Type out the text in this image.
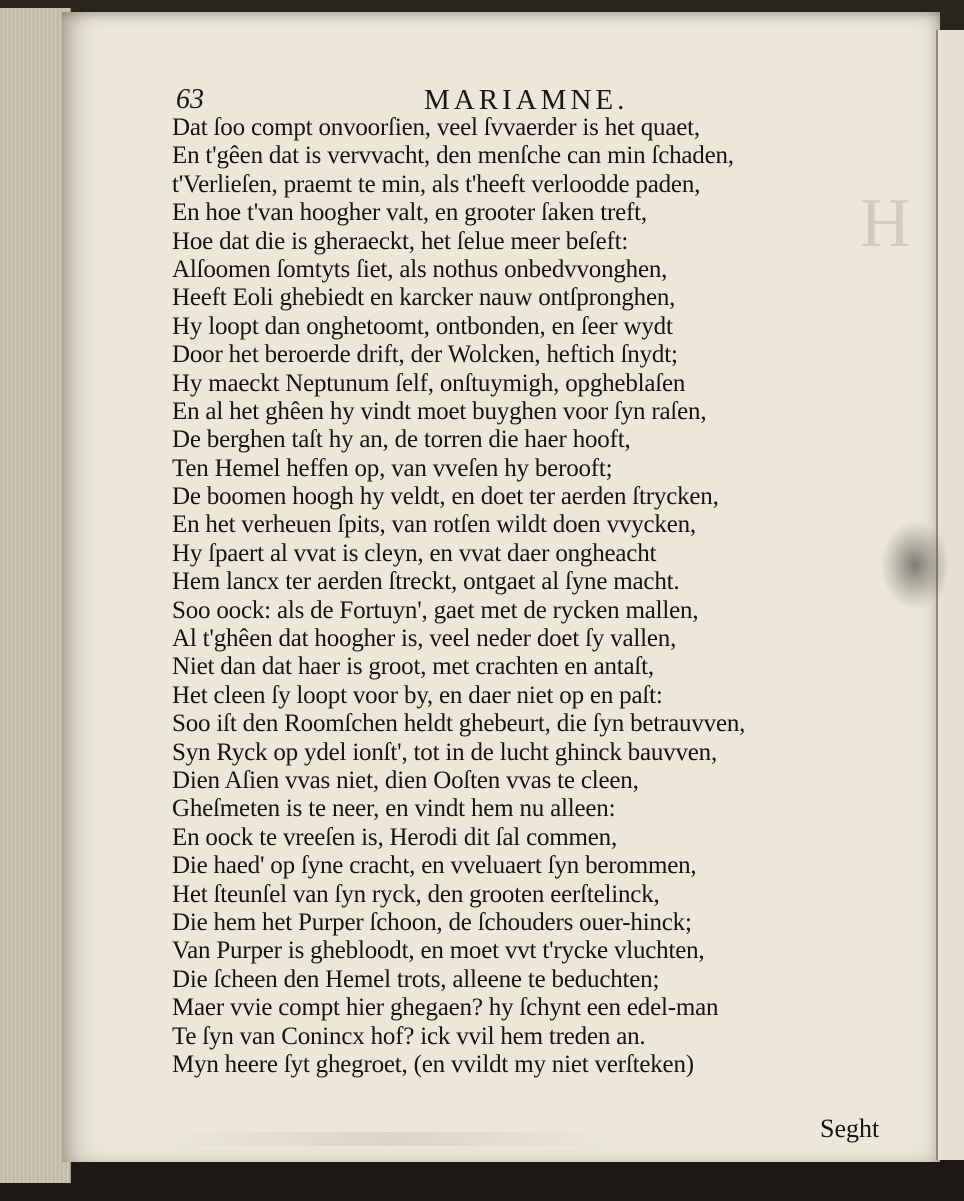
H
63	MARIAMNE.
Dat ſoo compt onvoorſien, veel ſvvaerder is het quaet,
En t'gêen dat is vervvacht, den menſche can min ſchaden,
t'Verlieſen, praemt te min, als t'heeft verloodde paden,
En hoe t'van hoogher valt, en grooter ſaken treft,
Hoe dat die is gheraeckt, het ſelue meer beſeft:
Alſoomen ſomtyts ſiet, als nothus onbedvvonghen,
Heeft Eoli ghebiedt en karcker nauw ontſpronghen,
Hy loopt dan onghetoomt, ontbonden, en ſeer wydt
Door het beroerde drift, der Wolcken, heftich ſnydt;
Hy maeckt Neptunum ſelf, onſtuymigh, opgheblaſen
En al het ghêen hy vindt moet buyghen voor ſyn raſen,
De berghen taſt hy an, de torren die haer hooft,
Ten Hemel heffen op, van vveſen hy berooft;
De boomen hoogh hy veldt, en doet ter aerden ſtrycken,
En het verheuen ſpits, van rotſen wildt doen vvycken,
Hy ſpaert al vvat is cleyn, en vvat daer ongheacht
Hem lancx ter aerden ſtreckt, ontgaet al ſyne macht.
Soo oock: als de Fortuyn', gaet met de rycken mallen,
Al t'ghêen dat hoogher is, veel neder doet ſy vallen,
Niet dan dat haer is groot, met crachten en antaſt,
Het cleen ſy loopt voor by, en daer niet op en paſt:
Soo iſt den Roomſchen heldt ghebeurt, die ſyn betrauvven,
Syn Ryck op ydel ionſt', tot in de lucht ghinck bauvven,
Dien Aſien vvas niet, dien Ooſten vvas te cleen,
Gheſmeten is te neer, en vindt hem nu alleen:
En oock te vreeſen is, Herodi dit ſal commen,
Die haed' op ſyne cracht, en vveluaert ſyn berommen,
Het ſteunſel van ſyn ryck, den grooten eerſtelinck,
Die hem het Purper ſchoon, de ſchouders ouer-hinck;
Van Purper is ghebloodt, en moet vvt t'rycke vluchten,
Die ſcheen den Hemel trots, alleene te beduchten;
Maer vvie compt hier ghegaen? hy ſchynt een edel-man
Te ſyn van Conincx hof? ick vvil hem treden an.
Myn heere ſyt ghegroet, (en vvildt my niet verſteken)
Seght
